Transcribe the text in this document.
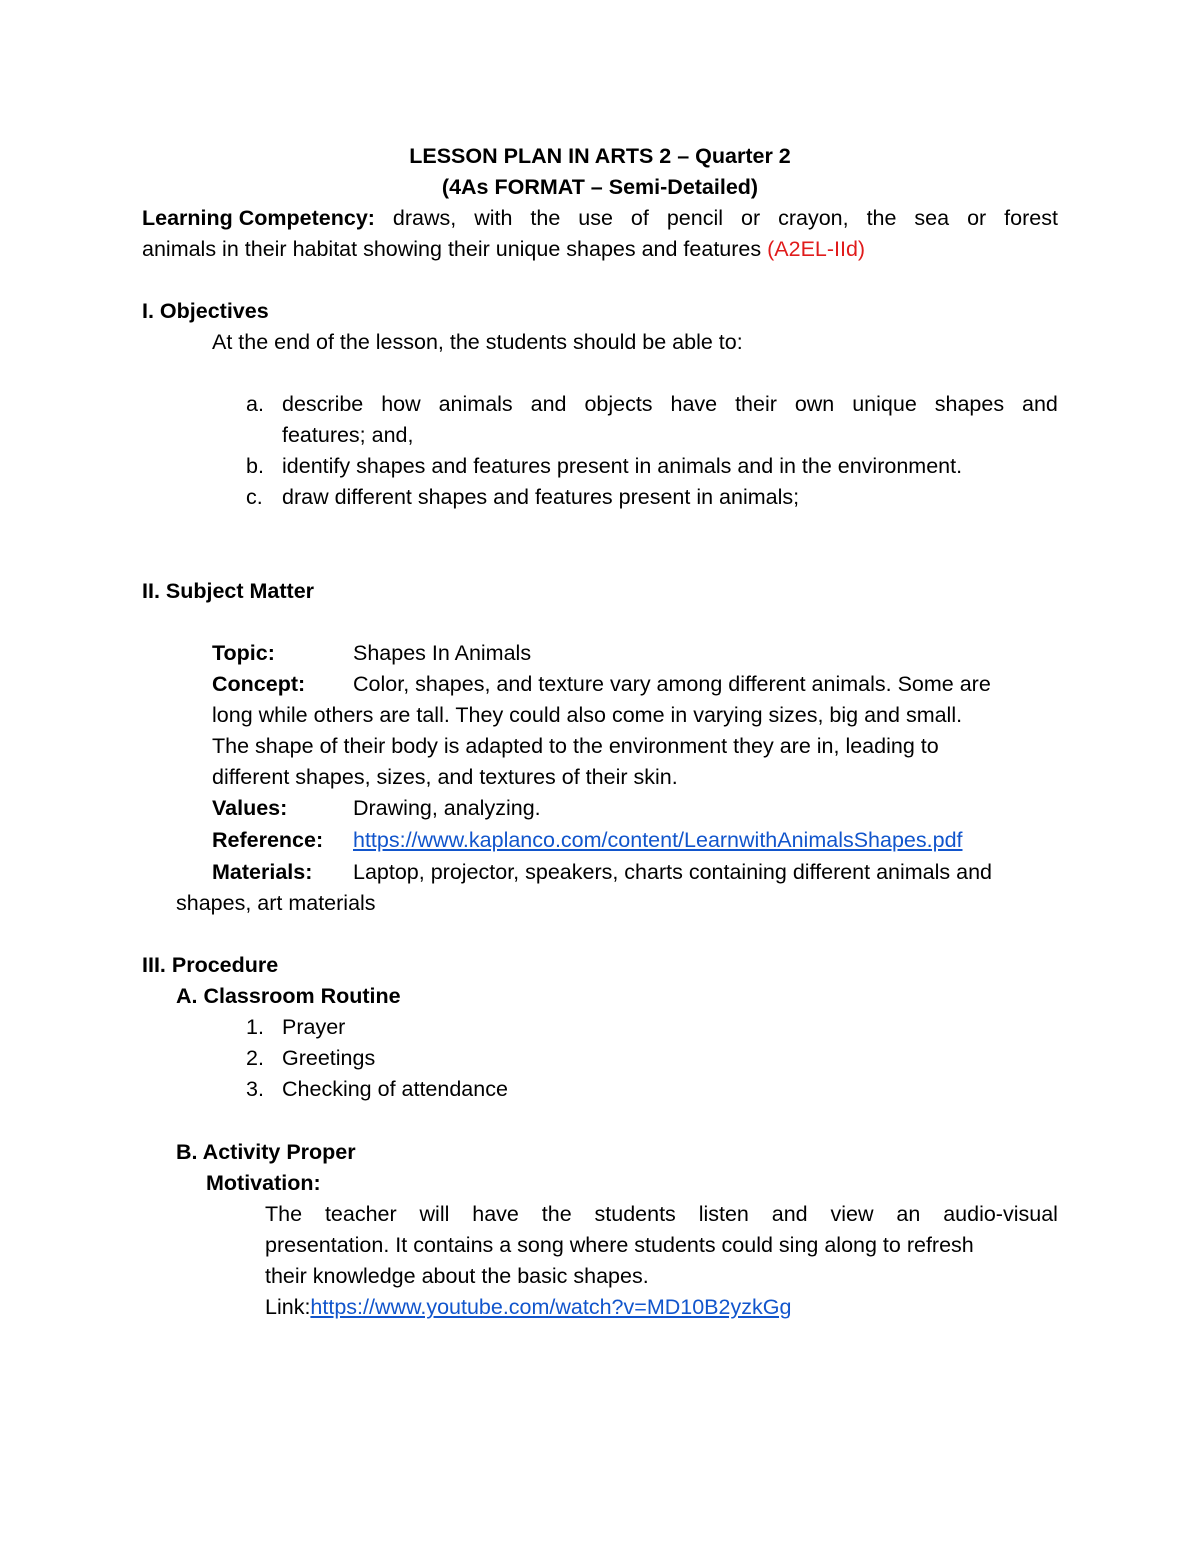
LESSON PLAN IN ARTS 2 – Quarter 2
(4As FORMAT – Semi-Detailed)
Learning Competency: draws, with the use of pencil or crayon, the sea or forest
animals in their habitat showing their unique shapes and features (A2EL-IId)
I. Objectives
At the end of the lesson, the students should be able to:
a. describe how animals and objects have their own unique shapes and
features; and,
b. identify shapes and features present in animals and in the environment.
c. draw different shapes and features present in animals;
II. Subject Matter
Topic:	Shapes In Animals
Concept: Color, shapes, and texture vary among different animals. Some are
long while others are tall. They could also come in varying sizes, big and small.
The shape of their body is adapted to the environment they are in, leading to
different shapes, sizes, and textures of their skin.
Values:	Drawing, analyzing.
Reference: https://www.kaplanco.com/content/LearnwithAnimalsShapes.pdf
Materials: Laptop, projector, speakers, charts containing different animals and
shapes, art materials
III. Procedure
A. Classroom Routine
1. Prayer
2. Greetings
3. Checking of attendance
B. Activity Proper
Motivation:
The teacher will have the students listen and view an audio-visual
presentation. It contains a song where students could sing along to refresh
their knowledge about the basic shapes.
Link:https://www.youtube.com/watch?v=MD10B2yzkGg
